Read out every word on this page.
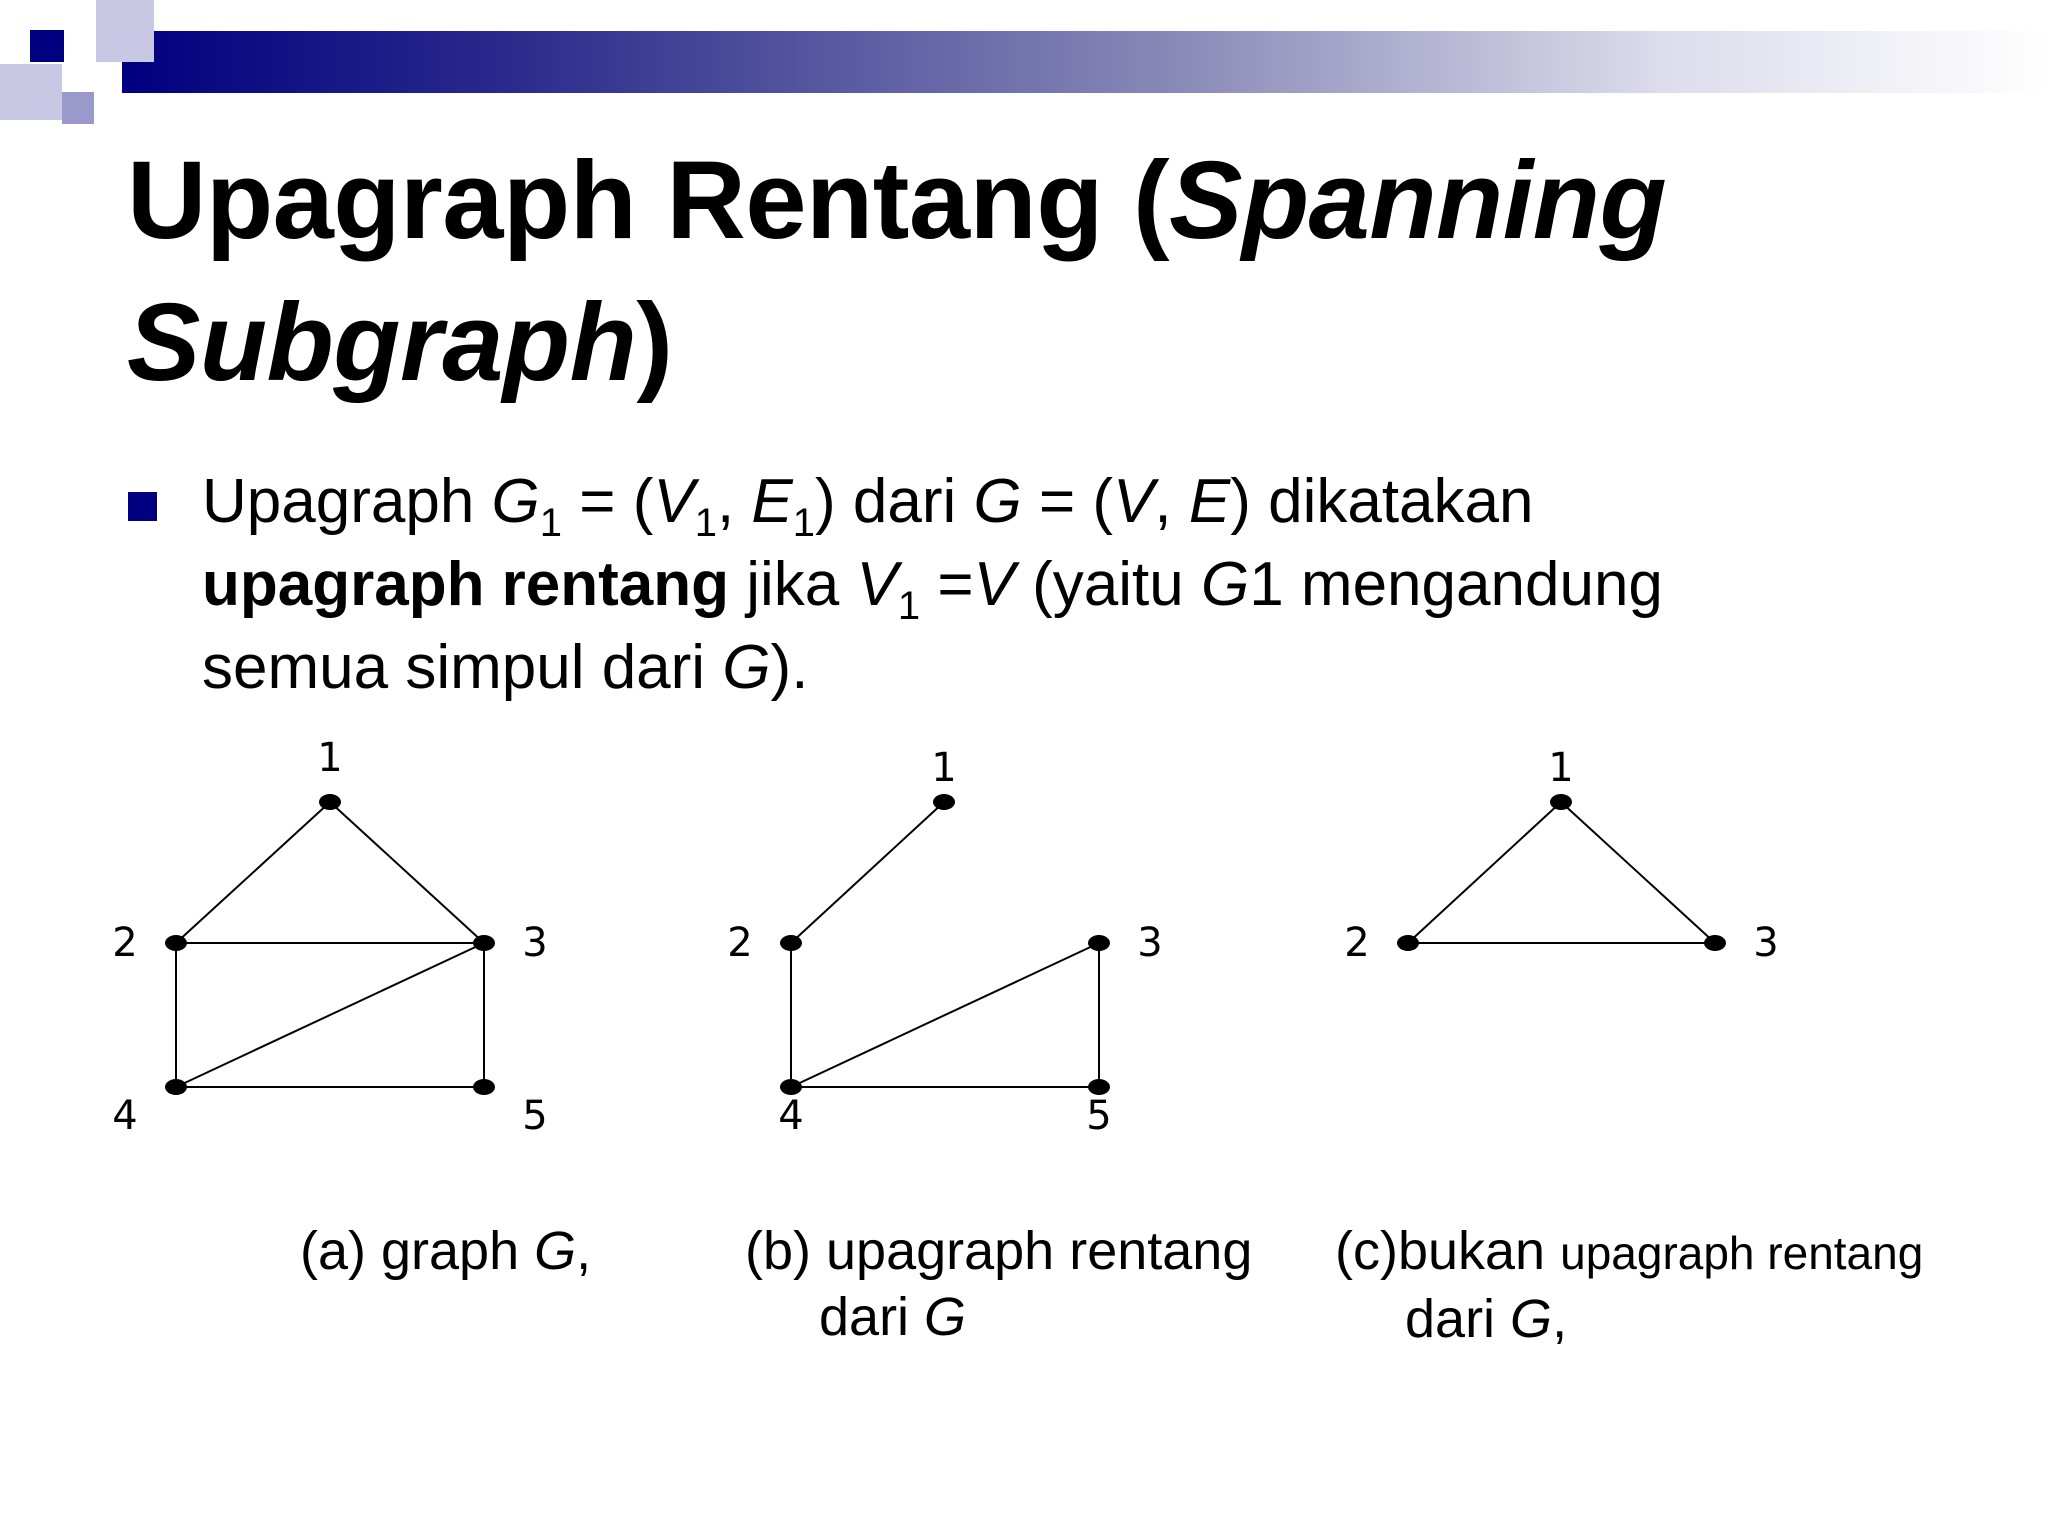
Upagraph Rentang (Spanning
Subgraph)
Upagraph $G_1 = (V_1$, $E_1$) dari G = (V, E) dikatakan
upagraph rentang jika $V_1 =V$ (yaitu G1 mengandung
semua simpul dari G).
1
2	3
4	5
1
2	3
4	5
1
2	3
(a) graph G,	(b) upagraph rentang
dari G
(c)bukan upagraph rentang
dari G,
